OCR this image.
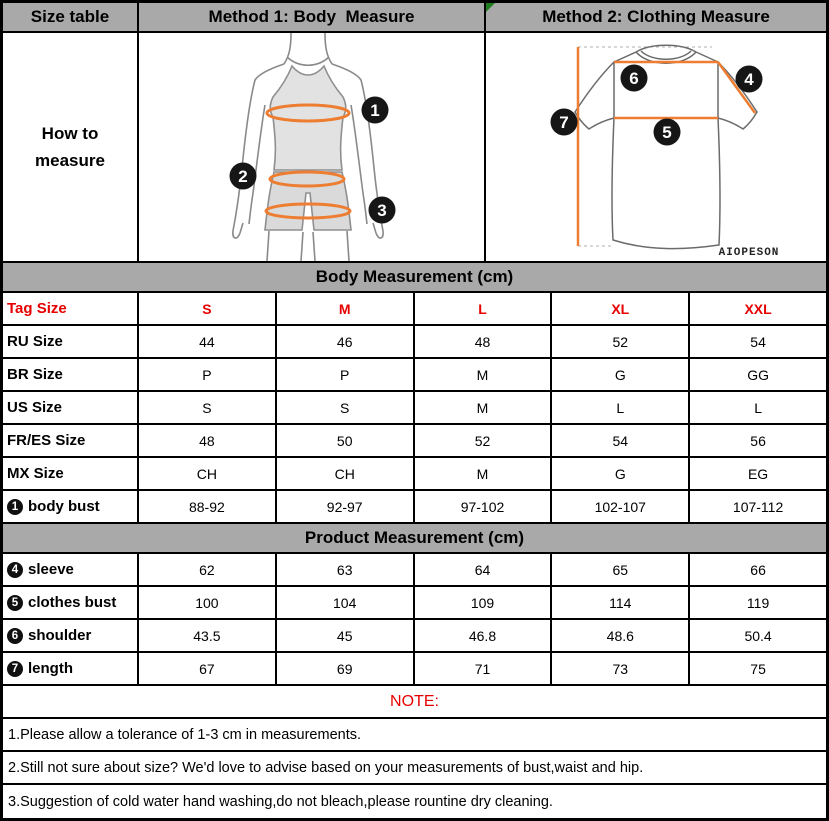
Size table	Method 1: Body  Measure	Method 2: Clothing Measure
How to measure
1
2
3
6	4
5
7
AIOPESON
Body Measurement (cm)
Tag Size	S	M	L	XL	XXL
RU Size	44	46	48	52	54
BR Size	P	P	M	G	GG
US Size	S	S	M	L	L
FR/ES Size	48	50	52	54	56
MX Size	CH	CH	M	G	EG
1 body bust	88-92	92-97	97-102	102-107	107-112
Product Measurement (cm)
4 sleeve	62	63	64	65	66
5 clothes bust	100	104	109	114	119
6 shoulder	43.5	45	46.8	48.6	50.4
7 length	67	69	71	73	75
NOTE:
1.Please allow a tolerance of 1-3 cm in measurements.
2.Still not sure about size? We'd love to advise based on your measurements of bust,waist and hip.
3.Suggestion of cold water hand washing,do not bleach,please rountine dry cleaning.
